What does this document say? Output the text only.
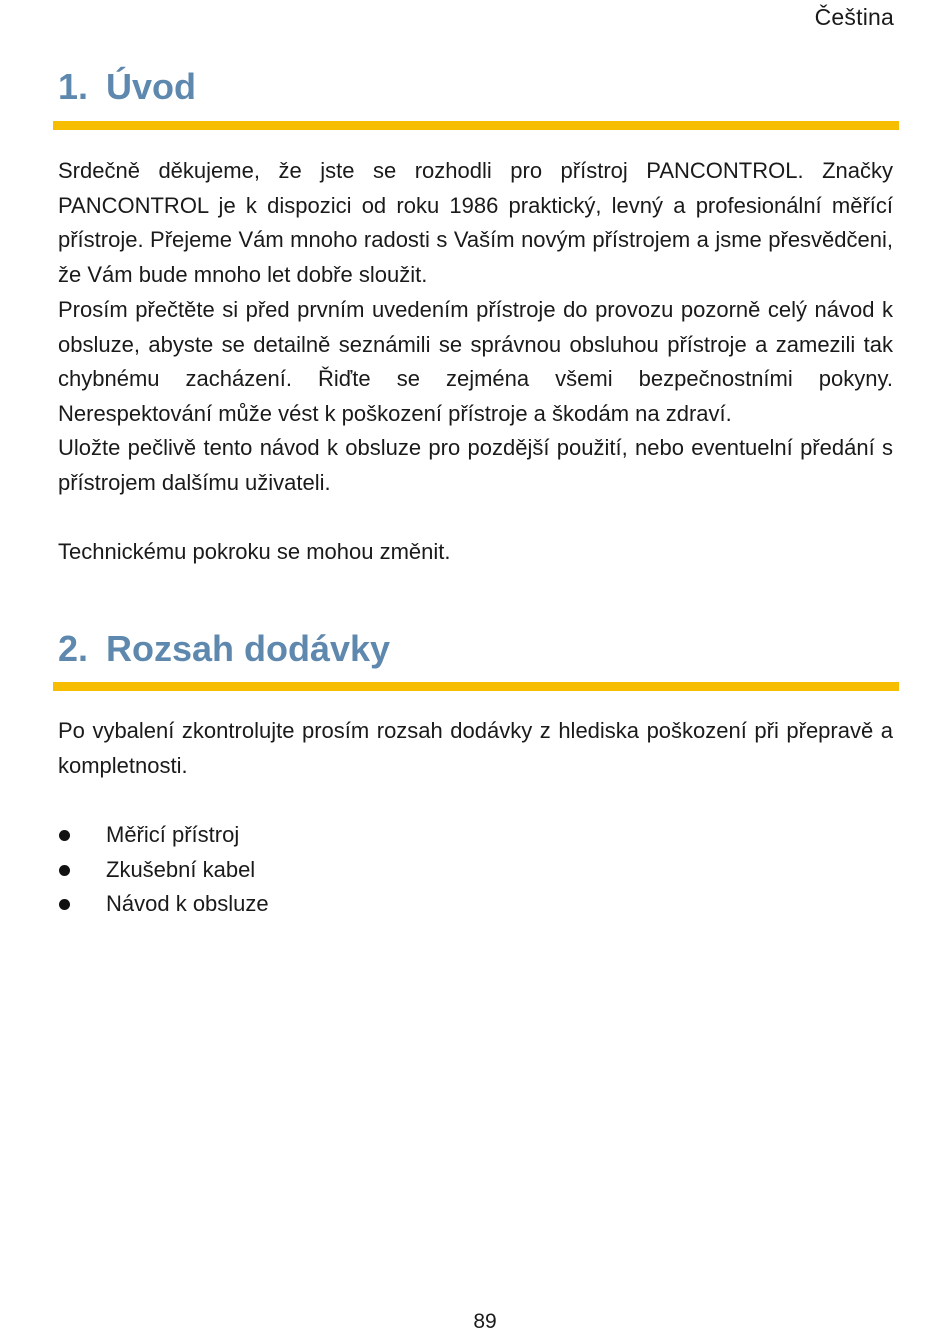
Čeština
1. Úvod

Srdečně děkujeme, že jste se rozhodli pro přístroj PANCONTROL. Značky PANCONTROL je k dispozici od roku 1986 praktický, levný a profesionální měřící přístroje. Přejeme Vám mnoho radosti s Vaším novým přístrojem a jsme přesvědčeni, že Vám bude mnoho let dobře sloužit.

Prosím přečtěte si před prvním uvedením přístroje do provozu pozorně celý návod k obsluze, abyste se detailně seznámili se správnou obsluhou přístroje a zamezili tak chybnému zacházení. Řiďte se zejména všemi bezpečnostními pokyny. Nerespektování může vést k poškození přístroje a škodám na zdraví.

Uložte pečlivě tento návod k obsluze pro pozdější použití, nebo eventuelní předání s přístrojem dalšímu uživateli.

Technickému pokroku se mohou změnit.

2. Rozsah dodávky

Po vybalení zkontrolujte prosím rozsah dodávky z hlediska poškození při přepravě a kompletnosti.

Měřicí přístroj
Zkušební kabel
Návod k obsluze
89
